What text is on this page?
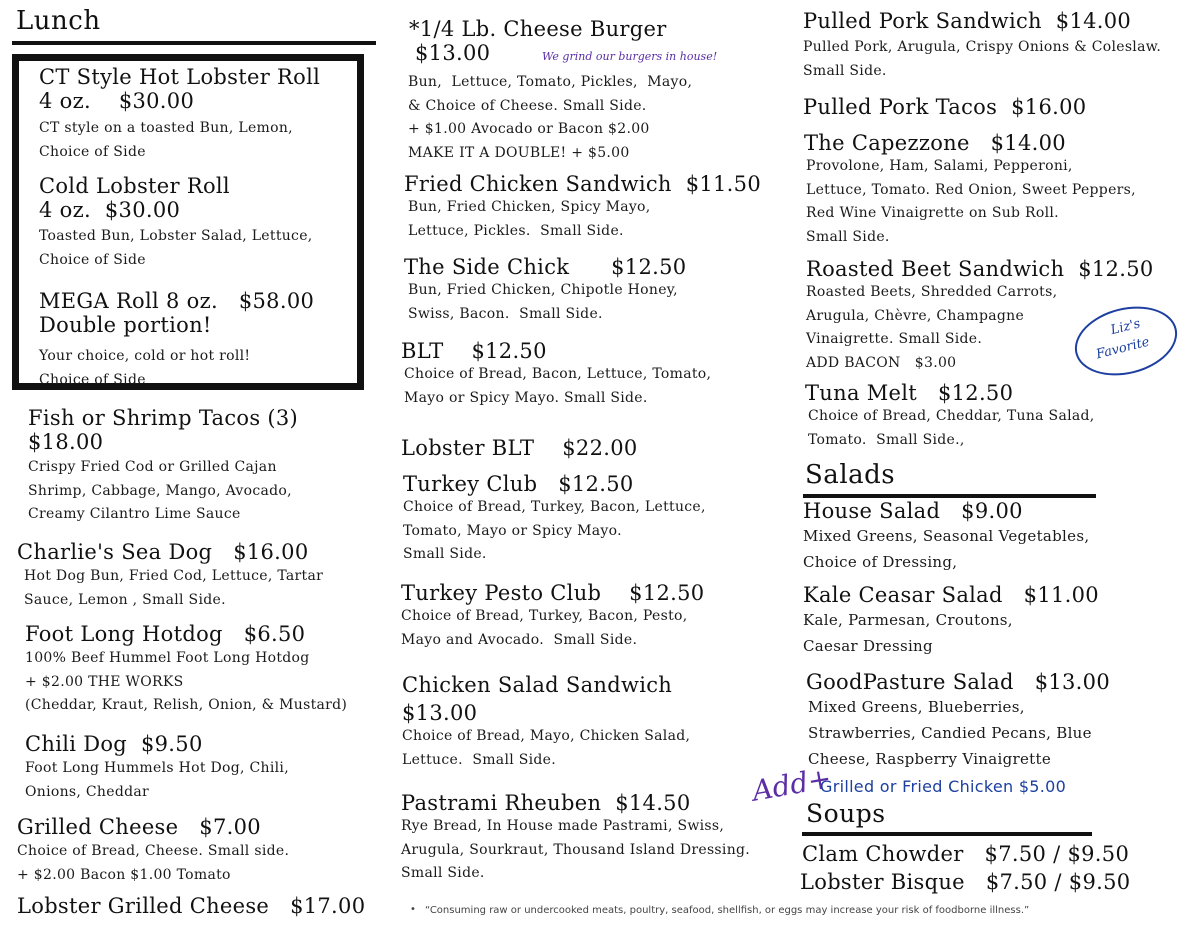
Lunch
CT Style Hot Lobster Roll
4 oz.    $30.00
CT style on a toasted Bun, Lemon,
Choice of Side
Cold Lobster Roll
4 oz.  $30.00
Toasted Bun, Lobster Salad, Lettuce,
Choice of Side
MEGA Roll 8 oz.   $58.00
Double portion!
Your choice, cold or hot roll!
Choice of Side
Fish or Shrimp Tacos (3)
$18.00
Crispy Fried Cod or Grilled Cajan
Shrimp, Cabbage, Mango, Avocado,
Creamy Cilantro Lime Sauce
Charlie's Sea Dog   $16.00
Hot Dog Bun, Fried Cod, Lettuce, Tartar
Sauce, Lemon , Small Side.
Foot Long Hotdog   $6.50
100% Beef Hummel Foot Long Hotdog
+ $2.00 THE WORKS
(Cheddar, Kraut, Relish, Onion, & Mustard)
Chili Dog  $9.50
Foot Long Hummels Hot Dog, Chili,
Onions, Cheddar
Grilled Cheese   $7.00
Choice of Bread, Cheese. Small side.
+ $2.00 Bacon $1.00 Tomato
Lobster Grilled Cheese   $17.00
*1/4 Lb. Cheese Burger
$13.00	We grind our burgers in house!
Bun,  Lettuce, Tomato, Pickles,  Mayo,
& Choice of Cheese. Small Side.
+ $1.00 Avocado or Bacon $2.00
MAKE IT A DOUBLE! + $5.00
Fried Chicken Sandwich  $11.50
Bun, Fried Chicken, Spicy Mayo,
Lettuce, Pickles.  Small Side.
The Side Chick      $12.50
Bun, Fried Chicken, Chipotle Honey,
Swiss, Bacon.  Small Side.
BLT    $12.50
Choice of Bread, Bacon, Lettuce, Tomato,
Mayo or Spicy Mayo. Small Side.
Lobster BLT    $22.00
Turkey Club   $12.50
Choice of Bread, Turkey, Bacon, Lettuce,
Tomato, Mayo or Spicy Mayo.
Small Side.
Turkey Pesto Club    $12.50
Choice of Bread, Turkey, Bacon, Pesto,
Mayo and Avocado.  Small Side.
Chicken Salad Sandwich
$13.00
Choice of Bread, Mayo, Chicken Salad,
Lettuce.  Small Side.
Pastrami Rheuben  $14.50
Rye Bread, In House made Pastrami, Swiss,
Arugula, Sourkraut, Thousand Island Dressing.
Small Side.
Pulled Pork Sandwich  $14.00
Pulled Pork, Arugula, Crispy Onions & Coleslaw.
Small Side.
Pulled Pork Tacos  $16.00
The Capezzone   $14.00
Provolone, Ham, Salami, Pepperoni,
Lettuce, Tomato. Red Onion, Sweet Peppers,
Red Wine Vinaigrette on Sub Roll.
Small Side.
Roasted Beet Sandwich  $12.50
Roasted Beets, Shredded Carrots,
Arugula, Chèvre, Champagne
Vinaigrette. Small Side.
ADD BACON   $3.00
Liz's
Favorite
Tuna Melt   $12.50
Choice of Bread, Cheddar, Tuna Salad,
Tomato.  Small Side.,
Salads
House Salad   $9.00
Mixed Greens, Seasonal Vegetables,
Choice of Dressing,
Kale Ceasar Salad   $11.00
Kale, Parmesan, Croutons,
Caesar Dressing
GoodPasture Salad   $13.00
Mixed Greens, Blueberries,
Strawberries, Candied Pecans, Blue
Cheese, Raspberry Vinaigrette
Add+
Grilled or Fried Chicken $5.00
Soups
Clam Chowder   $7.50 / $9.50
Lobster Bisque   $7.50 / $9.50
• “Consuming raw or undercooked meats, poultry, seafood, shellfish, or eggs may increase your risk of foodborne illness.”
